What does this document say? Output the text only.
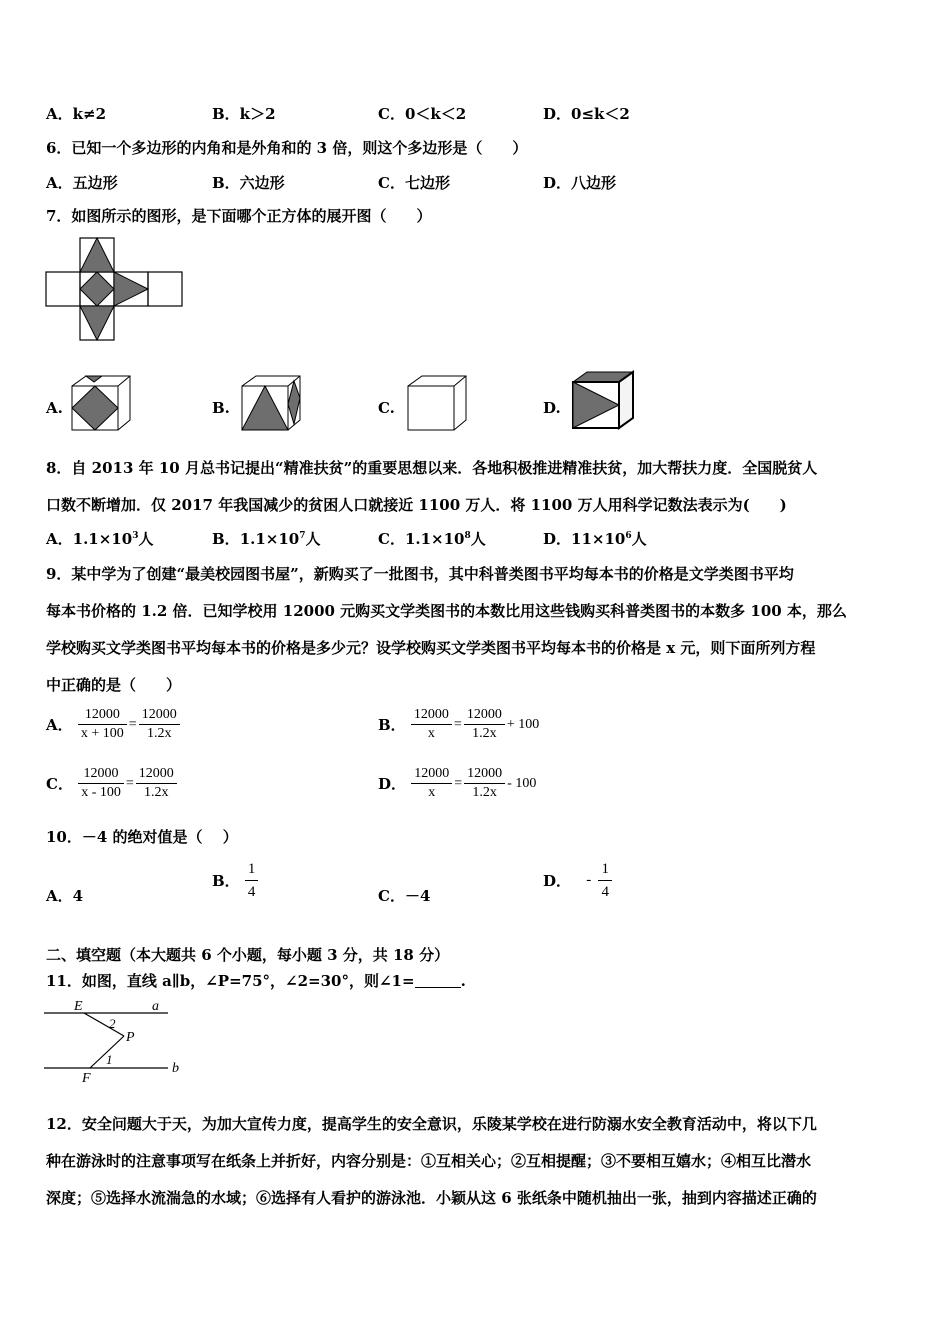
A．k≠2	B．k＞2	C．0＜k＜2	D．0≤k＜2
6．已知一个多边形的内角和是外角和的 3 倍，则这个多边形是（　　）
A．五边形	B．六边形	C．七边形	D．八边形
7．如图所示的图形，是下面哪个正方体的展开图（　　）
A.	B.	C.	D.
8．自 2013 年 10 月总书记提出“精准扶贫”的重要思想以来．各地积极推进精准扶贫，加大帮扶力度．全国脱贫人
口数不断增加．仅 2017 年我国减少的贫困人口就接近 1100 万人．将 1100 万人用科学记数法表示为(　　)
A．$1.1\times 10^3$人	B．$1.1\times 10^7$人	C．$1.1\times 10^8$人	D．$11\times 10^6$人
9．某中学为了创建“最美校园图书屋”，新购买了一批图书，其中科普类图书平均每本书的价格是文学类图书平均
每本书价格的 1.2 倍．已知学校用 12000 元购买文学类图书的本数比用这些钱购买科普类图书的本数多 100 本，那么
学校购买文学类图书平均每本书的价格是多少元？设学校购买文学类图书平均每本书的价格是 x 元，则下面所列方程
中正确的是（　　）
A． $\frac{12000}{x + 100} = \frac{12000}{1.2x}$	B． $\frac{12000}{x} = \frac{12000}{1.2x} + 100$
C． $\frac{12000}{x - 100} = \frac{12000}{1.2x}$	D． $\frac{12000}{x} = \frac{12000}{1.2x} - 100$
10．－4 的绝对值是（　 ）
A．4
B． $\frac{1}{4}$	C．－4
D． - $\frac{1}{4}$
二、填空题（本大题共 6 个小题，每小题 3 分，共 18 分）
11．如图，直线 a∥b，∠P=75°，∠2=30°，则∠1=	.
E	a
2
P
1
F
b
12．安全问题大于天，为加大宣传力度，提高学生的安全意识，乐陵某学校在进行防溺水安全教育活动中，将以下几
种在游泳时的注意事项写在纸条上并折好，内容分别是：①互相关心；②互相提醒；③不要相互嬉水；④相互比潜水
深度；⑤选择水流湍急的水域；⑥选择有人看护的游泳池．小颖从这 6 张纸条中随机抽出一张，抽到内容描述正确的
